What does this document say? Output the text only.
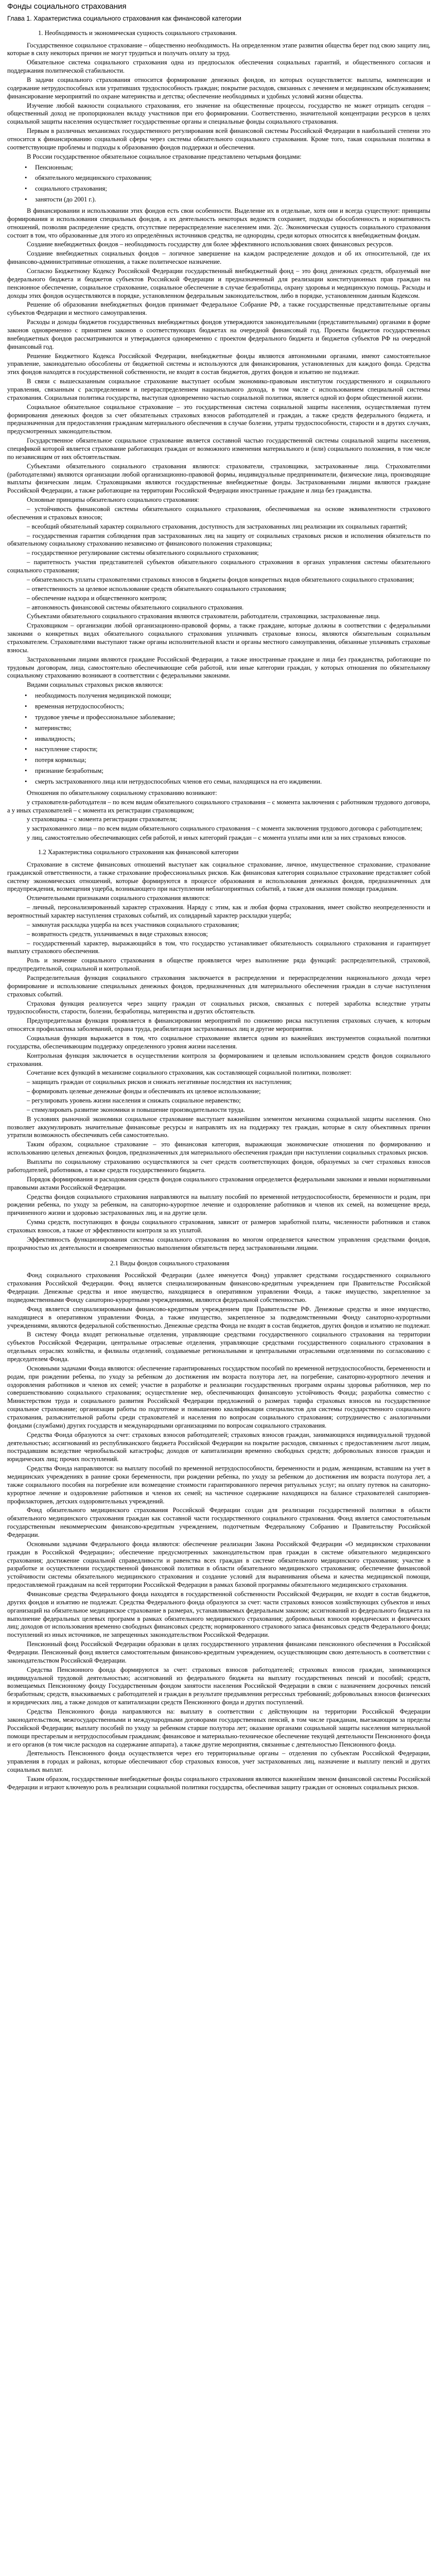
Фонды социального страхования
Глава 1. Характеристика социального страхования как финансовой категории
1. Необходимость и экономическая сущность социального страхования.

Государственное социальное страхование – общественно необходимость. На определенном этапе развития общества берет под свою защиту лиц, которые в силу некоторых причин не могут трудиться и получать оплату за труд.

Обязательное система социального страхования одна из предпосылок обеспечения социальных гарантий, и общественного согласия и поддержания политической стабильности.

В задачи социального страхования относится формирование денежных фондов, из которых осуществляется: выплаты, компенсации и содержание нетрудоспособных или утративших трудоспособность граждан; покрытие расходов, связанных с лечением и медицинским обслуживанием; финансирование мероприятий по охране материнства и детства; обеспечение необходимых и удобных условий жизни общества.

Изучение любой важности социального страхования, его значение на общественные процессы, государство не может отрицать сегодня – общественный доход не пропорционален вкладу участников при его формировании. Соответственно, значительной концентрации ресурсов в целях социальной защиты населения осуществляет государственные органы и специальные фонды социального страхования.

Первым в различных механизмах государственного регулирования всей финансовой системы Российской Федерации в наибольшей степени это относится к финансированию социальной сферы через системы обязательного социального страхования. Кроме того, такая социальная политика в соответствующие проблемы и подходы к образованию фондов поддержки и обеспечения.

В России государственное обязательное социальное страхование представлено четырьмя фондами:

• Пенсионным;
• обязательного медицинского страхования;
• социального страхования;
• занятости (до 2001 г.).

В финансировании и использовании этих фондов есть свои особенности. Выделение их в отдельные, хотя они и всегда существуют: принципы формирования и использования специальных фондов, а их деятельность некоторых ведомств сохраняет, подходы обособленность и нормативность отношений, позволяя распределение средств, отсутствие перераспределение населением ими. 2(с. Экономическая сущность социального страхования состоит в том, что образованные для этого из определённых источников средства, не однородны, среди которых относится к внебюджетным фондам.

Создание внебюджетных фондов – необходимость государству для более эффективного использования своих финансовых ресурсов.

Создание внебюджетных социальных фондов – логичное завершение на каждом распределение доходов и об их относительной, где их финансово-административные отношения, а также политическое назначение.

Согласно Бюджетному Кодексу Российской Федерации государственный внебюджетный фонд – это фонд денежных средств, образуемый вне федерального бюджета и бюджетов субъектов Российской Федерации и предназначенный для реализации конституционных прав граждан на пенсионное обеспечение, социальное страхование, социальное обеспечение в случае безработицы, охрану здоровья и медицинскую помощь. Расходы и доходы этих фондов осуществляются в порядке, установленном федеральным законодательством, либо в порядке, установленном данным Кодексом.

Решение об образовании внебюджетных фондов принимает Федеральное Собрание РФ, а также государственные представительные органы субъектов Федерации и местного самоуправления.

Расходы и доходы бюджетов государственных внебюджетных фондов утверждаются законодательными (представительными) органами в форме законов одновременно с принятием законов о соответствующих бюджетах на очередной финансовый год. Проекты бюджетов государственных внебюджетных фондов рассматриваются и утверждаются одновременно с проектом федерального бюджета и бюджетов субъектов РФ на очередной финансовый год.

Решение Бюджетного Кодекса Российской Федерации, внебюджетные фонды являются автономными органами, имеют самостоятельное управление, законодательно обособлены от бюджетной системы и используются для финансирования, установленных для каждого фонда. Средства этих фондов находятся в государственной собственности, не входят в состав бюджетов, других фондов и изъятию не подлежат.

В связи с вышесказанным социальное страхование выступает особым экономико-правовым институтом государственного и социального управления, связанным с распределением и перераспределением национального дохода, в том числе с использованием специальной системы страхования. Социальная политика государства, выступая одновременно частью социальной политики, является одной из форм общественной жизни.

Социальное обязательное социальное страхование – это государственная система социальной защиты населения, осуществляемая путем формирования денежных фондов за счет обязательных страховых взносов работодателей и граждан, а также средств федерального бюджета, и предназначенная для предоставления гражданам материального обеспечения в случае болезни, утраты трудоспособности, старости и в других случаях, предусмотренных законодательством.

Государственное обязательное социальное страхование является составной частью государственной системы социальной защиты населения, спецификой которой является страхование работающих граждан от возможного изменения материального и (или) социального положения, в том числе по независящим от них обстоятельствам.

Субъектами обязательного социального страхования являются: страхователи, страховщики, застрахованные лица. Страхователями (работодателями) являются организации любой организационно-правовой формы, индивидуальные предприниматели, физические лица, производящие выплаты физическим лицам. Страховщиками являются государственные внебюджетные фонды. Застрахованными лицами являются граждане Российской Федерации, а также работающие на территории Российской Федерации иностранные граждане и лица без гражданства.

Основные принципы обязательного социального страхования:

– устойчивость финансовой системы обязательного социального страхования, обеспечиваемая на основе эквивалентности страхового обеспечения и страховых взносов;

– всеобщий обязательный характер социального страхования, доступность для застрахованных лиц реализации их социальных гарантий;

– государственная гарантия соблюдения прав застрахованных лиц на защиту от социальных страховых рисков и исполнения обязательств по обязательному социальному страхованию независимо от финансового положения страховщика;

– государственное регулирование системы обязательного социального страхования;

– паритетность участия представителей субъектов обязательного социального страхования в органах управления системы обязательного социального страхования;

– обязательность уплаты страхователями страховых взносов в бюджеты фондов конкретных видов обязательного социального страхования;

– ответственность за целевое использование средств обязательного социального страхования;

– обеспечение надзора и общественного контроля;

– автономность финансовой системы обязательного социального страхования.

Субъектами обязательного социального страхования являются страхователи, работодатели, страховщики, застрахованные лица.

Страховщиком – организации любой организационно-правовой формы, а также граждане, которые должны в соответствии с федеральными законами о конкретных видах обязательного социального страхования уплачивать страховые взносы, являются обязательным социальным страхователем. Страхователями выступают также органы исполнительной власти и органы местного самоуправления, обязанные уплачивать страховые взносы.

Застрахованными лицами являются граждане Российской Федерации, а также иностранные граждане и лица без гражданства, работающие по трудовым договорам, лица, самостоятельно обеспечивающие себя работой, или иные категории граждан, у которых отношения по обязательному социальному страхованию возникают в соответствии с федеральными законами.

Видами социальных страховых рисков являются:

• необходимость получения медицинской помощи;
• временная нетрудоспособность;
• трудовое увечье и профессиональное заболевание;
• материнство;
• инвалидность;
• наступление старости;
• потеря кормильца;
• признание безработным;
• смерть застрахованного лица или нетрудоспособных членов его семьи, находящихся на его иждивении.

Отношения по обязательному социальному страхованию возникают:

у страхователя-работодателя – по всем видам обязательного социального страхования – с момента заключения с работником трудового договора, а у иных страхователей – с момента их регистрации страховщиком;

у страховщика – с момента регистрации страхователя;

у застрахованного лица – по всем видам обязательного социального страхования – с момента заключения трудового договора с работодателем;

у лиц, самостоятельно обеспечивающих себя работой, и иных категорий граждан – с момента уплаты ими или за них страховых взносов.

1.2 Характеристика социального страхования как финансовой категории

Страхование в системе финансовых отношений выступает как социальное страхование, личное, имущественное страхование, страхование гражданской ответственности, а также страхование профессиональных рисков. Как финансовая категория социальное страхование представляет собой систему экономических отношений, которые формируются в процессе образования и использования денежных фондов, предназначенных для предупреждения, возмещения ущерба, возникающего при наступлении неблагоприятных событий, а также для оказания помощи гражданам.

Отличительными признаками социального страхования являются:

– личный, персонализированный характер страхования. Наряду с этим, как и любая форма страхования, имеет свойство неопределенности и вероятностный характер наступления страховых событий, их солидарный характер раскладки ущерба;

– замкнутая раскладка ущерба на всех участников социального страхования;

– возвратность средств, уплачиваемых в виде страховых взносов;

– государственный характер, выражающийся в том, что государство устанавливает обязательность социального страхования и гарантирует выплату страхового обеспечения.

Роль и значение социального страхования в обществе проявляется через выполнение ряда функций: распределительной, страховой, предупредительной, социальной и контрольной.

Распределительная функция социального страхования заключается в распределении и перераспределении национального дохода через формирование и использование специальных денежных фондов, предназначенных для материального обеспечения граждан в случае наступления страховых событий.

Страховая функция реализуется через защиту граждан от социальных рисков, связанных с потерей заработка вследствие утраты трудоспособности, старости, болезни, безработицы, материнства и других обстоятельств.

Предупредительная функция проявляется в финансировании мероприятий по снижению риска наступления страховых случаев, к которым относятся профилактика заболеваний, охрана труда, реабилитация застрахованных лиц и другие мероприятия.

Социальная функция выражается в том, что социальное страхование является одним из важнейших инструментов социальной политики государства, обеспечивающим поддержку определенного уровня жизни населения.

Контрольная функция заключается в осуществлении контроля за формированием и целевым использованием средств фондов социального страхования.

Сочетание всех функций в механизме социального страхования, как составляющей социальной политики, позволяет:

– защищать граждан от социальных рисков и снижать негативные последствия их наступления;

– формировать целевые денежные фонды и обеспечивать их целевое использование;

– регулировать уровень жизни населения и снижать социальное неравенство;

– стимулировать развитие экономики и повышение производительности труда.

В условиях рыночной экономики социальное страхование выступает важнейшим элементом механизма социальной защиты населения. Оно позволяет аккумулировать значительные финансовые ресурсы и направлять их на поддержку тех граждан, которые в силу объективных причин утратили возможность обеспечивать себя самостоятельно.

Таким образом, социальное страхование – это финансовая категория, выражающая экономические отношения по формированию и использованию целевых денежных фондов, предназначенных для материального обеспечения граждан при наступлении социальных страховых рисков.

Выплаты по социальному страхованию осуществляются за счет средств соответствующих фондов, образуемых за счет страховых взносов работодателей, работников, а также средств государственного бюджета.

Порядок формирования и расходования средств фондов социального страхования определяется федеральными законами и иными нормативными правовыми актами Российской Федерации.

Средства фондов социального страхования направляются на выплату пособий по временной нетрудоспособности, беременности и родам, при рождении ребенка, по уходу за ребенком, на санаторно-курортное лечение и оздоровление работников и членов их семей, на возмещение вреда, причиненного жизни и здоровью застрахованных лиц, и на другие цели.

Сумма средств, поступающих в фонды социального страхования, зависит от размеров заработной платы, численности работников и ставок страховых взносов, а также от эффективности контроля за их уплатой.

Эффективность функционирования системы социального страхования во многом определяется качеством управления средствами фондов, прозрачностью их деятельности и своевременностью выполнения обязательств перед застрахованными лицами.

2.1 Виды фондов социального страхования

Фонд социального страхования Российской Федерации (далее именуется Фонд) управляет средствами государственного социального страхования Российской Федерации. Фонд является специализированным финансово-кредитным учреждением при Правительстве Российской Федерации. Денежные средства и иное имущество, находящиеся в оперативном управлении Фонда, а также имущество, закрепленное за подведомственными Фонду санаторно-курортными учреждениями, являются федеральной собственностью.

Фонд является специализированным финансово-кредитным учреждением при Правительстве РФ. Денежные средства и иное имущество, находящиеся в оперативном управлении Фонда, а также имущество, закрепленное за подведомственными Фонду санаторно-курортными учреждениями, являются федеральной собственностью. Денежные средства Фонда не входят в состав бюджетов, других фондов и изъятию не подлежат.

В систему Фонда входят региональные отделения, управляющие средствами государственного социального страхования на территории субъектов Российской Федерации, центральные отраслевые отделения, управляющие средствами государственного социального страхования в отдельных отраслях хозяйства, и филиалы отделений, создаваемые региональными и центральными отраслевыми отделениями по согласованию с председателем Фонда.

Основными задачами Фонда являются: обеспечение гарантированных государством пособий по временной нетрудоспособности, беременности и родам, при рождении ребенка, по уходу за ребенком до достижения им возраста полутора лет, на погребение, санаторно-курортного лечения и оздоровления работников и членов их семей; участие в разработке и реализации государственных программ охраны здоровья работников, мер по совершенствованию социального страхования; осуществление мер, обеспечивающих финансовую устойчивость Фонда; разработка совместно с Министерством труда и социального развития Российской Федерации предложений о размерах тарифа страховых взносов на государственное социальное страхование; организация работы по подготовке и повышению квалификации специалистов для системы государственного социального страхования, разъяснительной работы среди страхователей и населения по вопросам социального страхования; сотрудничество с аналогичными фондами (службами) других государств и международными организациями по вопросам социального страхования.

Средства Фонда образуются за счет: страховых взносов работодателей; страховых взносов граждан, занимающихся индивидуальной трудовой деятельностью; ассигнований из республиканского бюджета Российской Федерации на покрытие расходов, связанных с предоставлением льгот лицам, пострадавшим вследствие чернобыльской катастрофы; доходов от капитализации временно свободных средств; добровольных взносов граждан и юридических лиц; прочих поступлений.

Средства Фонда направляются: на выплату пособий по временной нетрудоспособности, беременности и родам, женщинам, вставшим на учет в медицинских учреждениях в ранние сроки беременности, при рождении ребенка, по уходу за ребенком до достижения им возраста полутора лет, а также социального пособия на погребение или возмещение стоимости гарантированного перечня ритуальных услуг; на оплату путевок на санаторно-курортное лечение и оздоровление работников и членов их семей; на частичное содержание находящихся на балансе страхователей санаториев-профилакториев, детских оздоровительных учреждений.

Фонд обязательного медицинского страхования Российской Федерации создан для реализации государственной политики в области обязательного медицинского страхования граждан как составной части государственного социального страхования. Фонд является самостоятельным государственным некоммерческим финансово-кредитным учреждением, подотчетным Федеральному Собранию и Правительству Российской Федерации.

Основными задачами Федерального фонда являются: обеспечение реализации Закона Российской Федерации «О медицинском страховании граждан в Российской Федерации»; обеспечение предусмотренных законодательством прав граждан в системе обязательного медицинского страхования; достижение социальной справедливости и равенства всех граждан в системе обязательного медицинского страхования; участие в разработке и осуществлении государственной финансовой политики в области обязательного медицинского страхования; обеспечение финансовой устойчивости системы обязательного медицинского страхования и создание условий для выравнивания объема и качества медицинской помощи, предоставляемой гражданам на всей территории Российской Федерации в рамках базовой программы обязательного медицинского страхования.

Финансовые средства Федерального фонда находятся в государственной собственности Российской Федерации, не входят в состав бюджетов, других фондов и изъятию не подлежат. Средства Федерального фонда образуются за счет: части страховых взносов хозяйствующих субъектов и иных организаций на обязательное медицинское страхование в размерах, устанавливаемых федеральным законом; ассигнований из федерального бюджета на выполнение федеральных целевых программ в рамках обязательного медицинского страхования; добровольных взносов юридических и физических лиц; доходов от использования временно свободных финансовых средств; нормированного страхового запаса финансовых средств Федерального фонда; поступлений из иных источников, не запрещенных законодательством Российской Федерации.

Пенсионный фонд Российской Федерации образован в целях государственного управления финансами пенсионного обеспечения в Российской Федерации. Пенсионный фонд является самостоятельным финансово-кредитным учреждением, осуществляющим свою деятельность в соответствии с законодательством Российской Федерации.

Средства Пенсионного фонда формируются за счет: страховых взносов работодателей; страховых взносов граждан, занимающихся индивидуальной трудовой деятельностью; ассигнований из федерального бюджета на выплату государственных пенсий и пособий; средств, возмещаемых Пенсионному фонду Государственным фондом занятости населения Российской Федерации в связи с назначением досрочных пенсий безработным; средств, взыскиваемых с работодателей и граждан в результате предъявления регрессных требований; добровольных взносов физических и юридических лиц, а также доходов от капитализации средств Пенсионного фонда и других поступлений.

Средства Пенсионного фонда направляются на: выплату в соответствии с действующим на территории Российской Федерации законодательством, межгосударственными и международными договорами государственных пенсий, в том числе гражданам, выезжающим за пределы Российской Федерации; выплату пособий по уходу за ребенком старше полутора лет; оказание органами социальной защиты населения материальной помощи престарелым и нетрудоспособным гражданам; финансовое и материально-техническое обеспечение текущей деятельности Пенсионного фонда и его органов (в том числе расходов на содержание аппарата), а также другие мероприятия, связанные с деятельностью Пенсионного фонда.

Деятельность Пенсионного фонда осуществляется через его территориальные органы – отделения по субъектам Российской Федерации, управления в городах и районах, которые обеспечивают сбор страховых взносов, учет застрахованных лиц, назначение и выплату пенсий и других социальных выплат.

Таким образом, государственные внебюджетные фонды социального страхования являются важнейшим звеном финансовой системы Российской Федерации и играют ключевую роль в реализации социальной политики государства, обеспечивая защиту граждан от основных социальных рисков.
